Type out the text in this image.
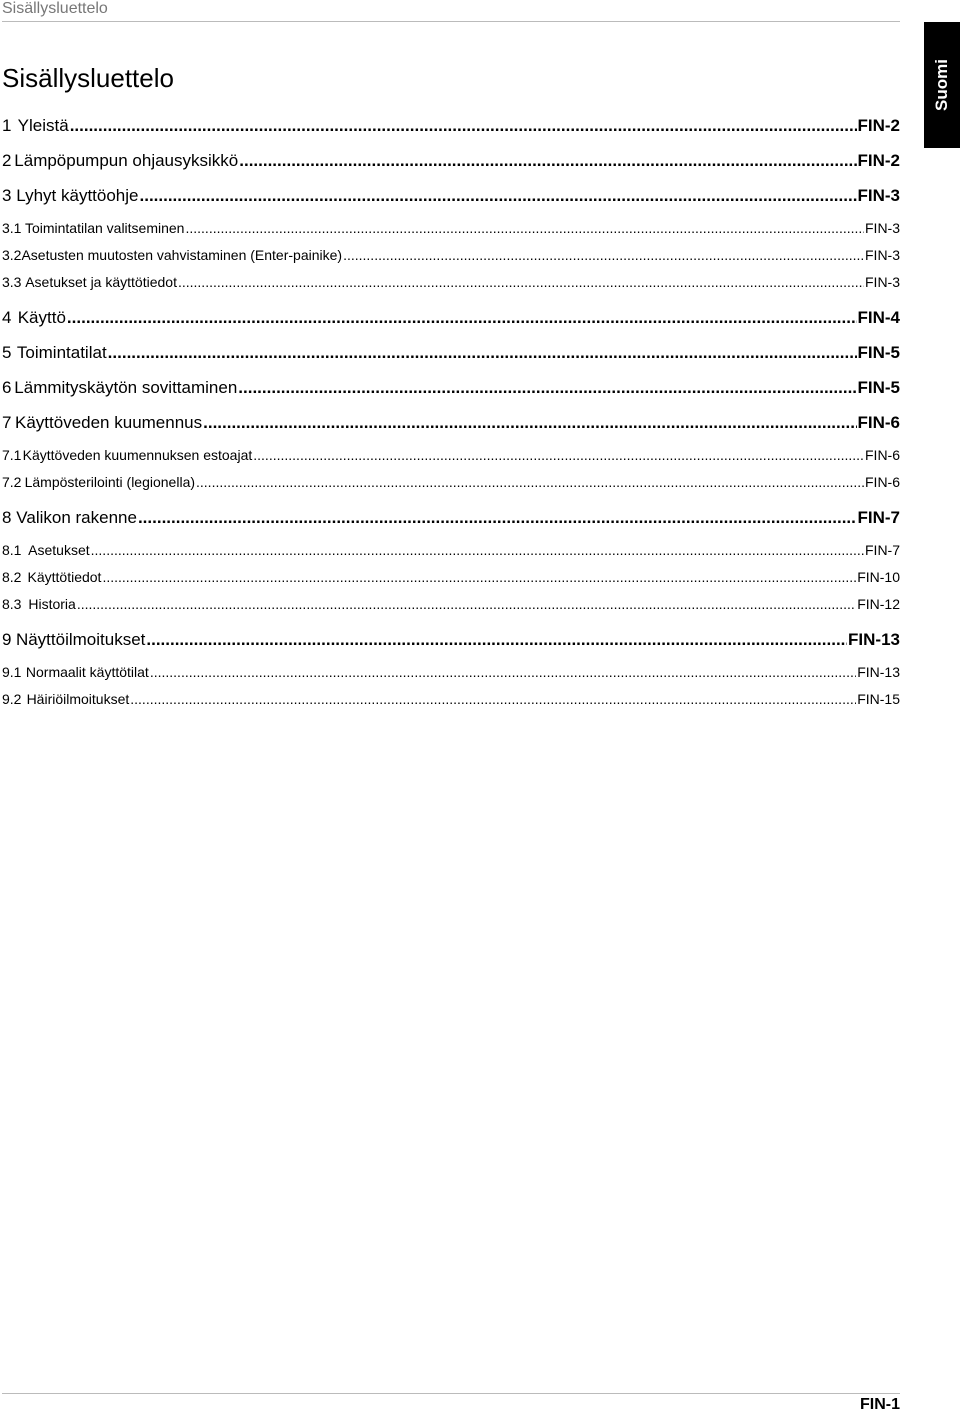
Sisällysluettelo
Suomi
Sisällysluettelo
1 Yleistä .....	FIN-2
2 Lämpöpumpun ohjausyksikkö .....	FIN-2
3 Lyhyt käyttöohje .....	FIN-3
3.1 Toimintatilan valitseminen .....	FIN-3
3.2 Asetusten muutosten vahvistaminen (Enter-painike) .....	FIN-3
3.3 Asetukset ja käyttötiedot .....	FIN-3
4 Käyttö .....	FIN-4
5 Toimintatilat .....	FIN-5
6 Lämmityskäytön sovittaminen .....	FIN-5
7 Käyttöveden kuumennus .....	FIN-6
7.1 Käyttöveden kuumennuksen estoajat .....	FIN-6
7.2 Lämpösterilointi (legionella) .....	FIN-6
8 Valikon rakenne .....	FIN-7
8.1 Asetukset .....	FIN-7
8.2 Käyttötiedot .....	FIN-10
8.3 Historia .....	FIN-12
9 Näyttöilmoitukset .....	FIN-13
9.1 Normaalit käyttötilat .....	FIN-13
9.2 Häiriöilmoitukset .....	FIN-15
FIN-1
